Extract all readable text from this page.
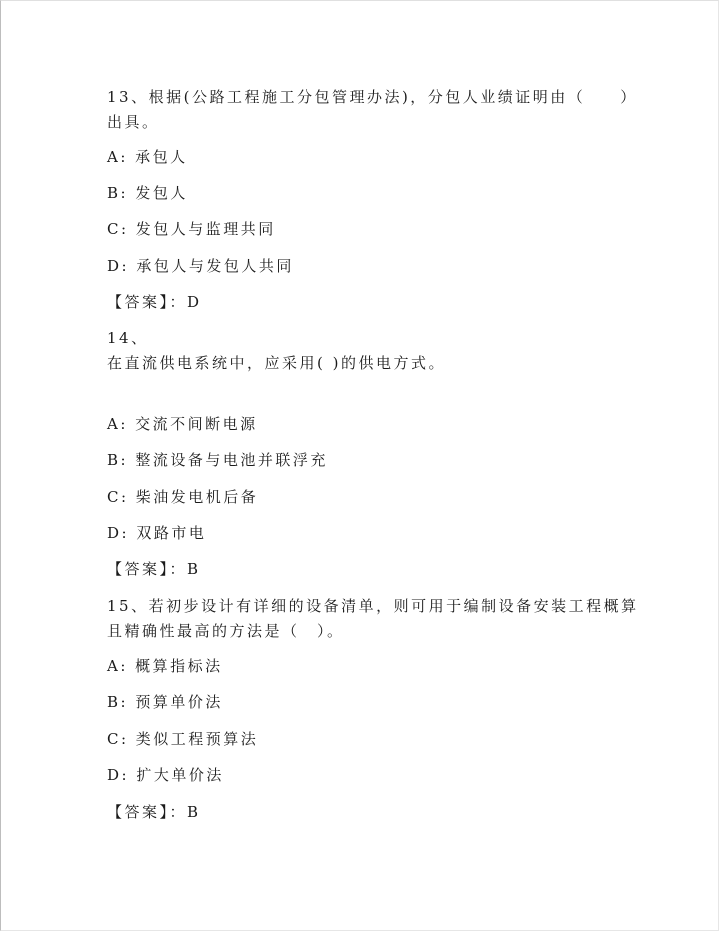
13、根据(公路工程施工分包管理办法)，分包人业绩证明由（　　）
出具。
A: 承包人
B: 发包人
C: 发包人与监理共同
D: 承包人与发包人共同
【答案】：D
14、
在直流供电系统中，应采用( )的供电方式。
A: 交流不间断电源
B: 整流设备与电池并联浮充
C: 柴油发电机后备
D: 双路市电
【答案】：B
15、若初步设计有详细的设备清单，则可用于编制设备安装工程概算
且精确性最高的方法是（　）。
A: 概算指标法
B: 预算单价法
C: 类似工程预算法
D: 扩大单价法
【答案】：B
